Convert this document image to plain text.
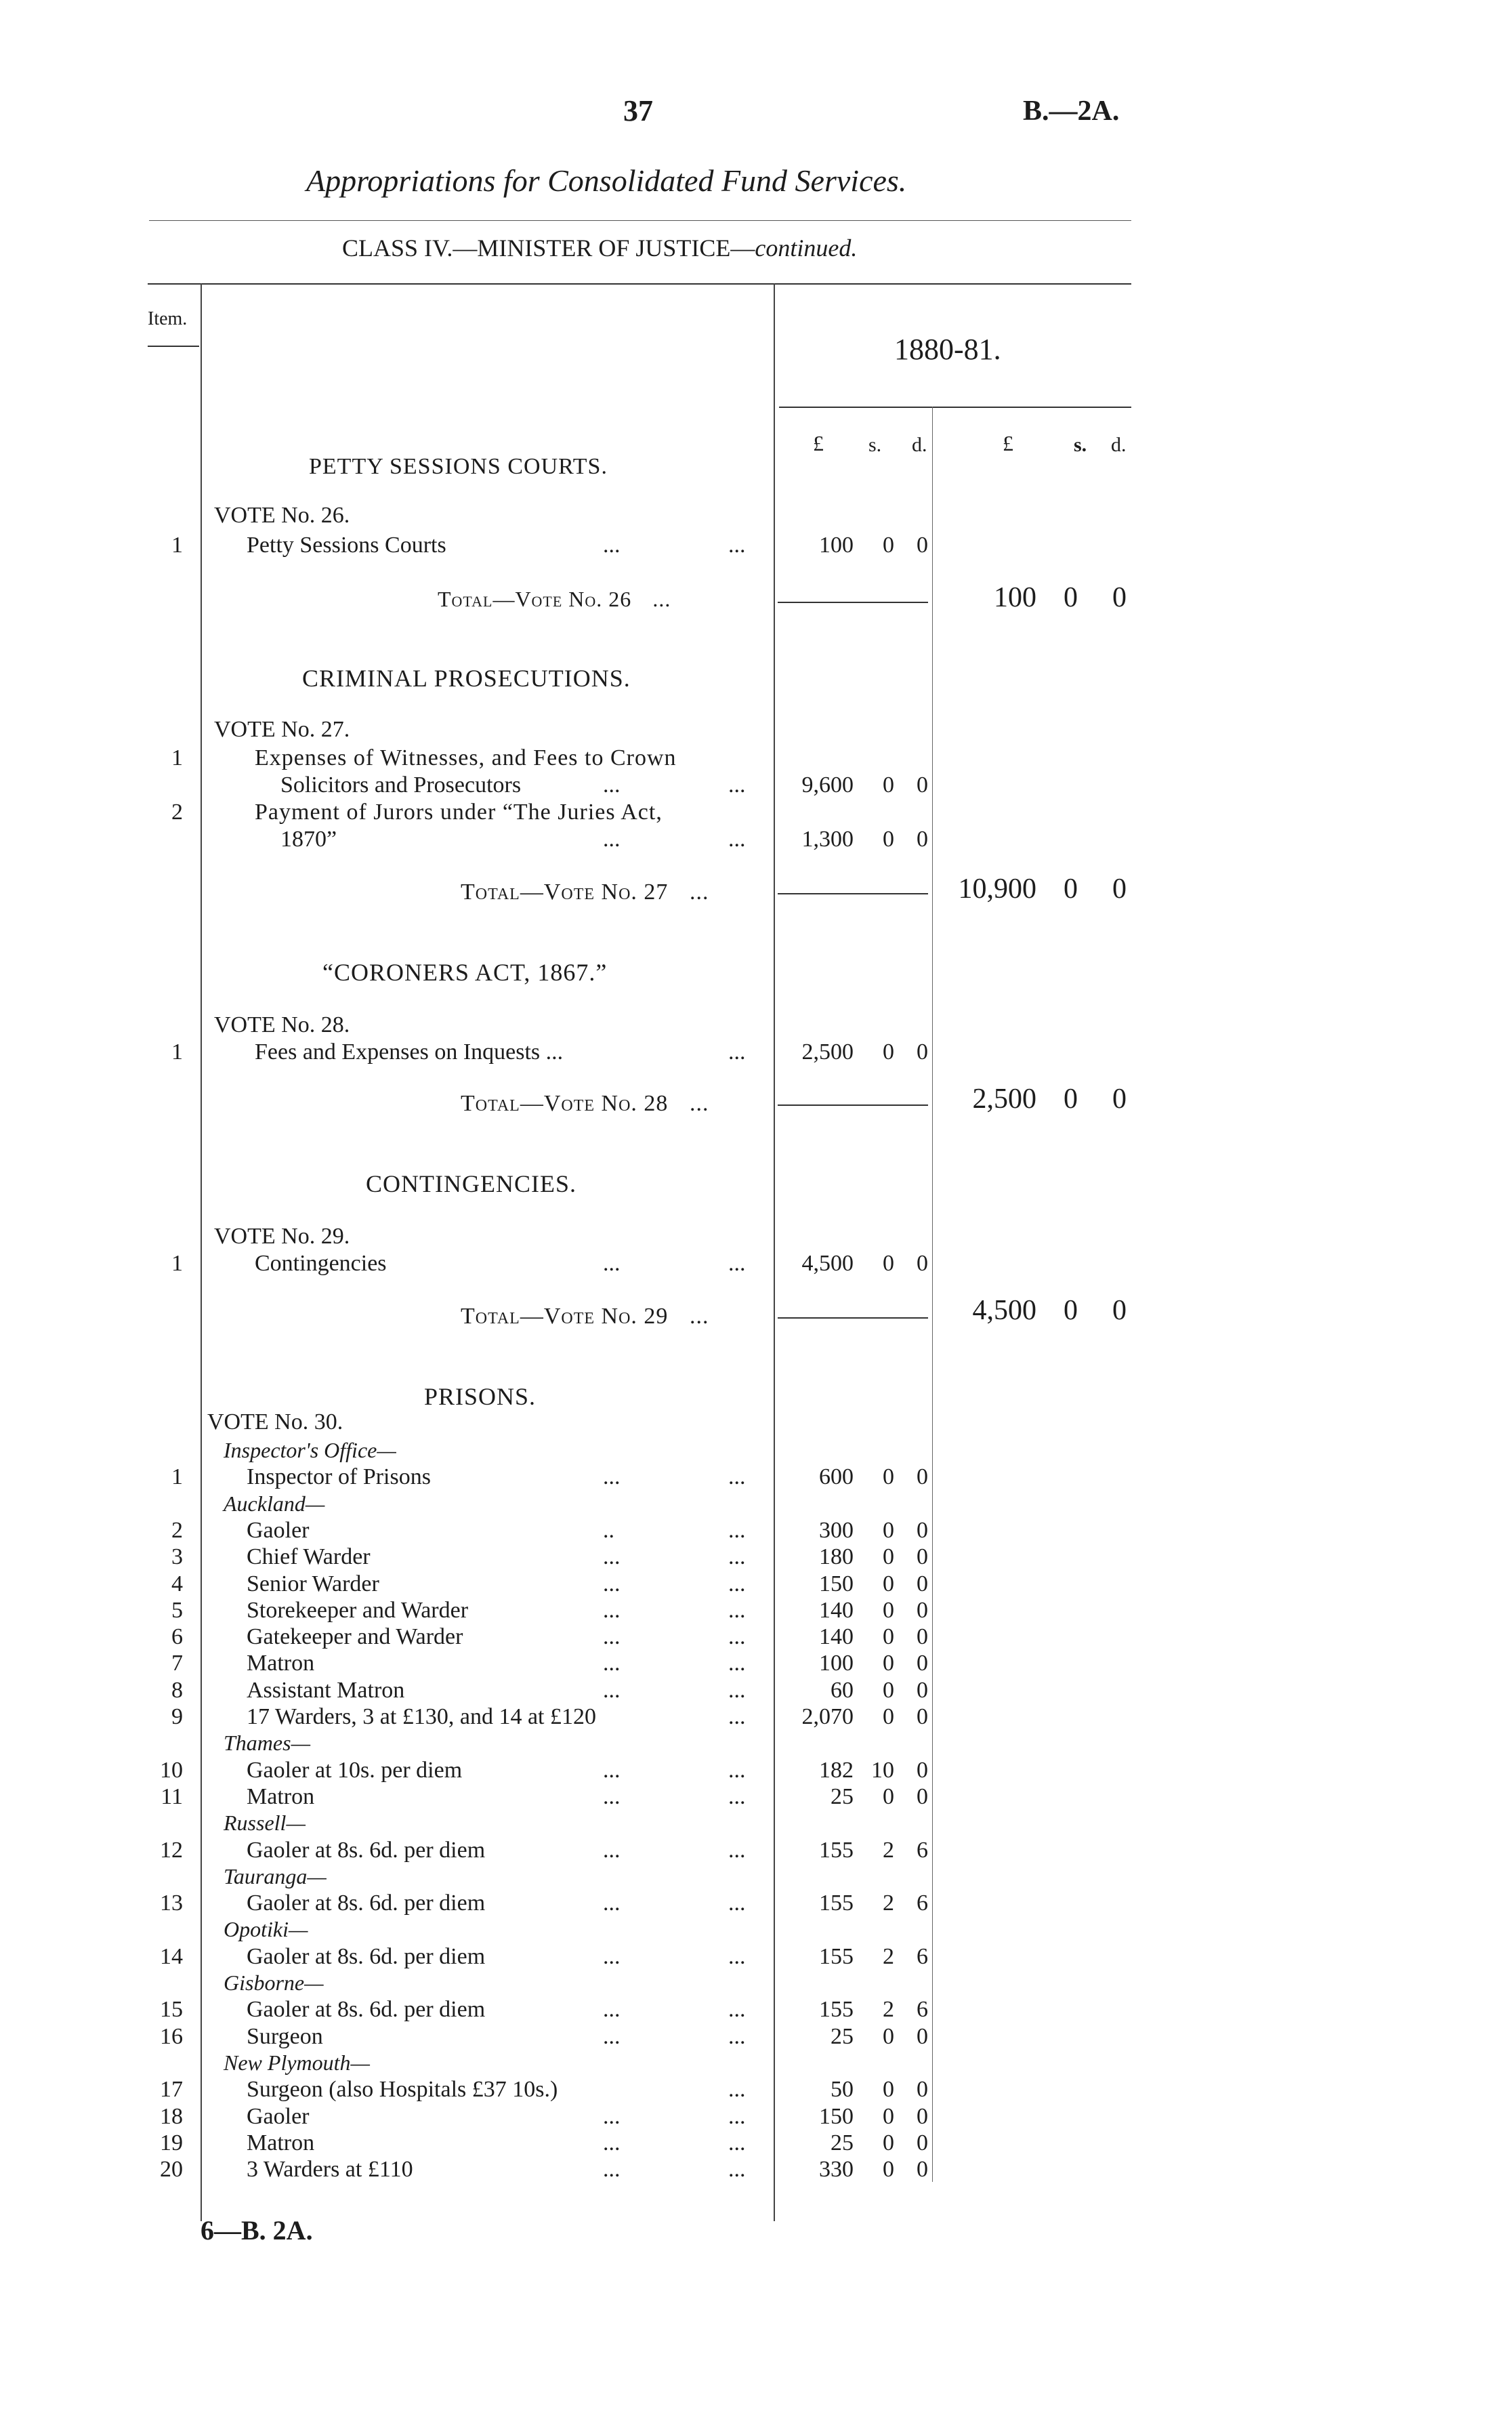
37	B.—2A.
Appropriations for Consolidated Fund Services.
CLASS IV.—MINISTER OF JUSTICE—continued.
Item.
1880-81.
£ s. d.	£	s. d.
PETTY SESSIONS COURTS.
VOTE No. 26.
1	Petty Sessions Courts	...	...	100	0 0
Total—Vote No. 26 ...	100 0 0
CRIMINAL PROSECUTIONS.
VOTE No. 27.
1	Expenses of Witnesses, and Fees to Crown
Solicitors and Prosecutors	...	...	9,600	0 0
2	Payment of Jurors under “The Juries Act,
1870”	...	...	1,300	0 0
Total—Vote No. 27 ...	10,900 0 0
“CORONERS ACT, 1867.”
VOTE No. 28.
1	Fees and Expenses on Inquests ...	...	2,500	0 0
Total—Vote No. 28 ...	2,500 0 0
CONTINGENCIES.
VOTE No. 29.
1	Contingencies	...	...	4,500	0 0
Total—Vote No. 29 ...	4,500 0 0
PRISONS.
VOTE No. 30.
Inspector's Office—
1	Inspector of Prisons	...	...	600	0 0
Auckland—
2	Gaoler	..	...	300	0 0
3	Chief Warder	...	...	180	0 0
4	Senior Warder	...	...	150	0 0
5	Storekeeper and Warder	...	...	140	0 0
6	Gatekeeper and Warder	...	...	140	0 0
7	Matron	...	...	100	0 0
8	Assistant Matron	...	...	60	0 0
9	17 Warders, 3 at £130, and 14 at £120	...	2,070	0 0
Thames—
10	Gaoler at 10s. per diem	...	...	182 10 0
11	Matron	...	...	25	0 0
Russell—
12	Gaoler at 8s. 6d. per diem	...	...	155	2 6
Tauranga—
13	Gaoler at 8s. 6d. per diem	...	...	155	2 6
Opotiki—
14	Gaoler at 8s. 6d. per diem	...	...	155	2 6
Gisborne—
15	Gaoler at 8s. 6d. per diem	...	...	155	2 6
16	Surgeon	...	...	25	0 0
New Plymouth—
17	Surgeon (also Hospitals £37 10s.)	...	50	0 0
18	Gaoler	...	...	150	0 0
19	Matron	...	...	25	0 0
20	3 Warders at £110	...	...	330	0 0
6—B. 2A.
